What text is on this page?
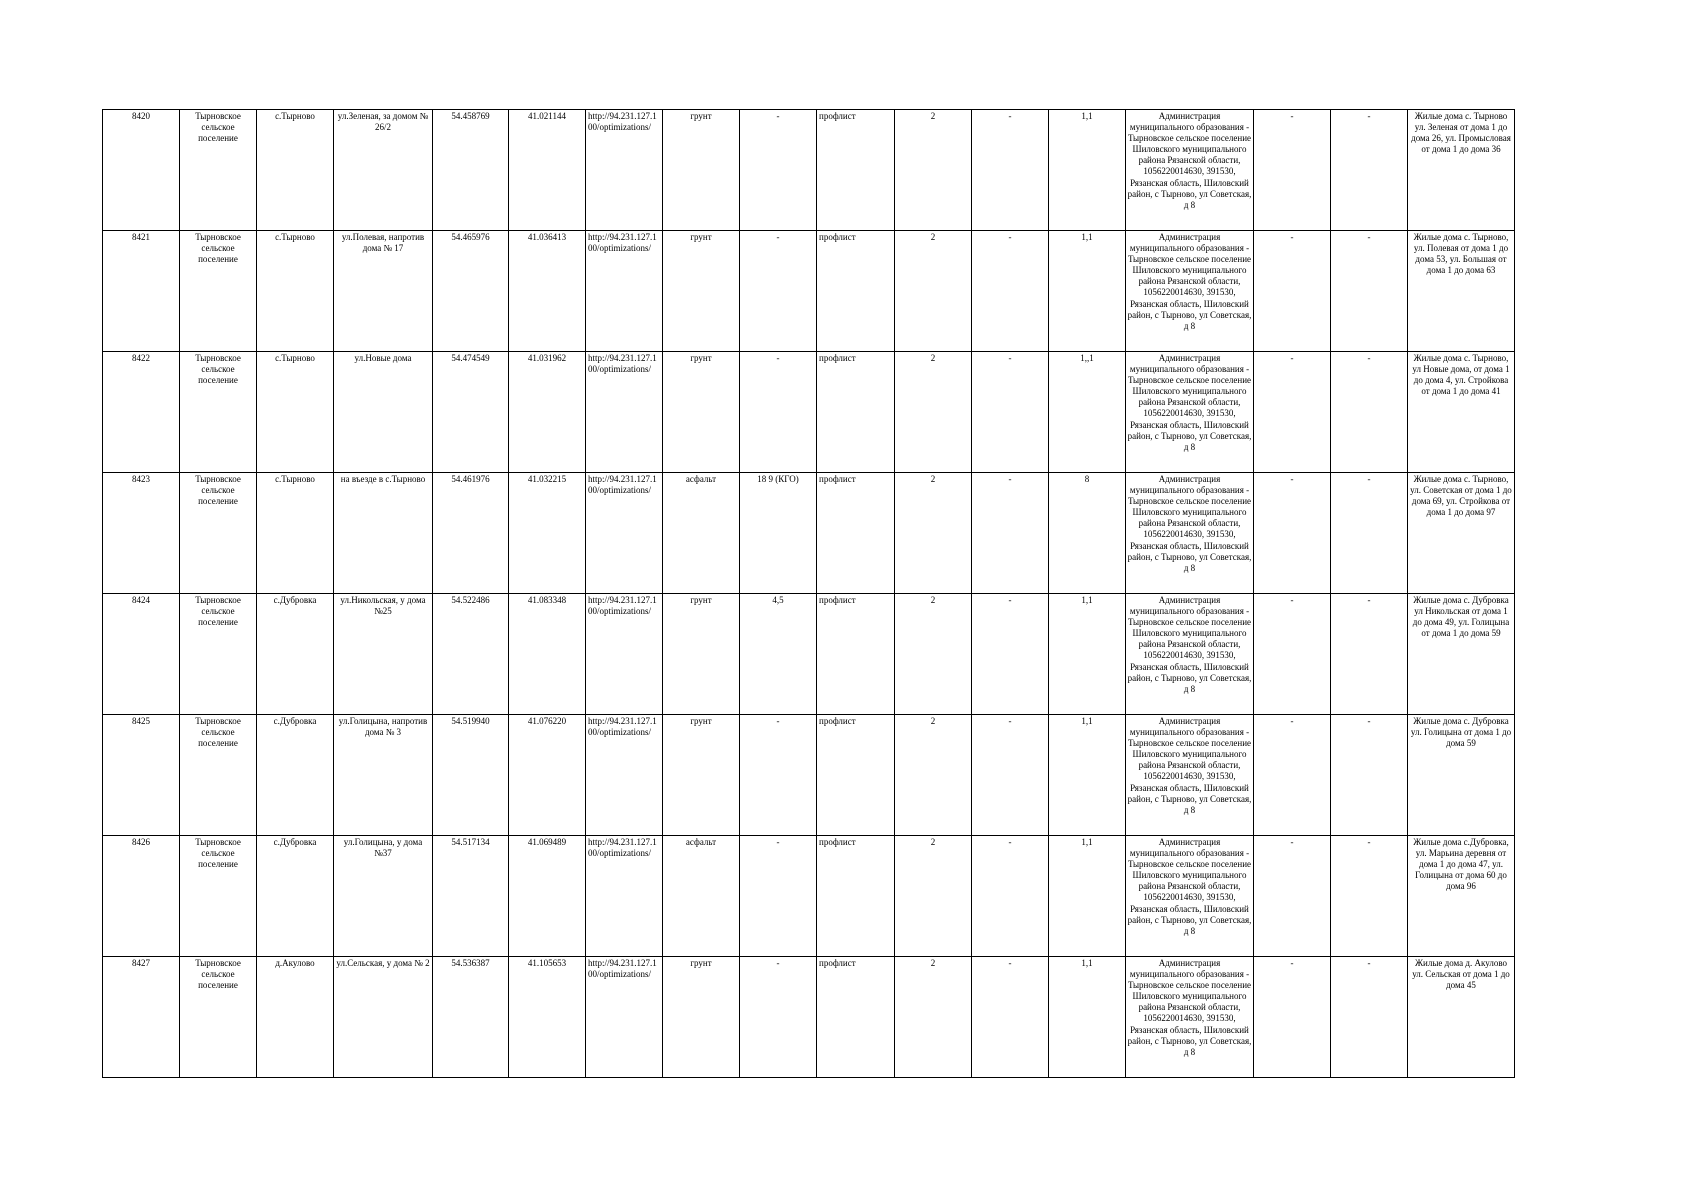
8420	Тырновское сельское поселение	с.Тырново	ул.Зеленая, за домом № 26/2	54.458769	41.021144	http://94.231.127.100/optimizations/	грунт	-	профлист	2	-	1,1	Администрация муниципального образования - Тырновское сельское поселение Шиловского муниципального района Рязанской области, 1056220014630, 391530, Рязанская область, Шиловский район, с Тырново, ул Советская, д 8	-	-	Жилые дома с. Тырново ул. Зеленая от дома 1 до дома 26, ул. Промысловая от дома 1 до дома 36
8421	Тырновское сельское поселение	с.Тырново	ул.Полевая, напротив дома № 17	54.465976	41.036413	http://94.231.127.100/optimizations/	грунт	-	профлист	2	-	1,1	Администрация муниципального образования - Тырновское сельское поселение Шиловского муниципального района Рязанской области, 1056220014630, 391530, Рязанская область, Шиловский район, с Тырново, ул Советская, д 8	-	-	Жилые дома с. Тырново, ул. Полевая от дома 1 до дома 53, ул. Большая от дома 1 до дома 63
8422	Тырновское сельское поселение	с.Тырново	ул.Новые дома	54.474549	41.031962	http://94.231.127.100/optimizations/	грунт	-	профлист	2	-	1,,1	Администрация муниципального образования - Тырновское сельское поселение Шиловского муниципального района Рязанской области, 1056220014630, 391530, Рязанская область, Шиловский район, с Тырново, ул Советская, д 8	-	-	Жилые дома с. Тырново, ул Новые дома, от дома 1 до дома 4, ул. Стройкова от дома 1 до дома 41
8423	Тырновское сельское поселение	с.Тырново	на въезде в с.Тырново	54.461976	41.032215	http://94.231.127.100/optimizations/	асфальт	18 9 (КГО)	профлист	2	-	8	Администрация муниципального образования - Тырновское сельское поселение Шиловского муниципального района Рязанской области, 1056220014630, 391530, Рязанская область, Шиловский район, с Тырново, ул Советская, д 8	-	-	Жилые дома с. Тырново, ул. Советская от дома 1 до дома 69, ул. Стройкова от дома 1 до дома 97
8424	Тырновское сельское поселение	с.Дубровка	ул.Никольская, у дома №25	54.522486	41.083348	http://94.231.127.100/optimizations/	грунт	4,5	профлист	2	-	1,1	Администрация муниципального образования - Тырновское сельское поселение Шиловского муниципального района Рязанской области, 1056220014630, 391530, Рязанская область, Шиловский район, с Тырново, ул Советская, д 8	-	-	Жилые дома с. Дубровка ул Никольская от дома 1 до дома 49, ул. Голицына от дома 1 до дома 59
8425	Тырновское сельское поселение	с.Дубровка	ул.Голицына, напротив дома № 3	54.519940	41.076220	http://94.231.127.100/optimizations/	грунт	-	профлист	2	-	1,1	Администрация муниципального образования - Тырновское сельское поселение Шиловского муниципального района Рязанской области, 1056220014630, 391530, Рязанская область, Шиловский район, с Тырново, ул Советская, д 8	-	-	Жилые дома с. Дубровка ул. Голицына от дома 1 до дома 59
8426	Тырновское сельское поселение	с.Дубровка	ул.Голицына, у дома №37	54.517134	41.069489	http://94.231.127.100/optimizations/	асфальт	-	профлист	2	-	1,1	Администрация муниципального образования - Тырновское сельское поселение Шиловского муниципального района Рязанской области, 1056220014630, 391530, Рязанская область, Шиловский район, с Тырново, ул Советская, д 8	-	-	Жилые дома с.Дубровка, ул. Марьина деревня от дома 1 до дома 47, ул. Голицына от дома 60 до дома 96
8427	Тырновское сельское поселение	д.Акулово	ул.Сельская, у дома № 2	54.536387	41.105653	http://94.231.127.100/optimizations/	грунт	-	профлист	2	-	1,1	Администрация муниципального образования - Тырновское сельское поселение Шиловского муниципального района Рязанской области, 1056220014630, 391530, Рязанская область, Шиловский район, с Тырново, ул Советская, д 8	-	-	Жилые дома д. Акулово ул. Сельская от дома 1 до дома 45
